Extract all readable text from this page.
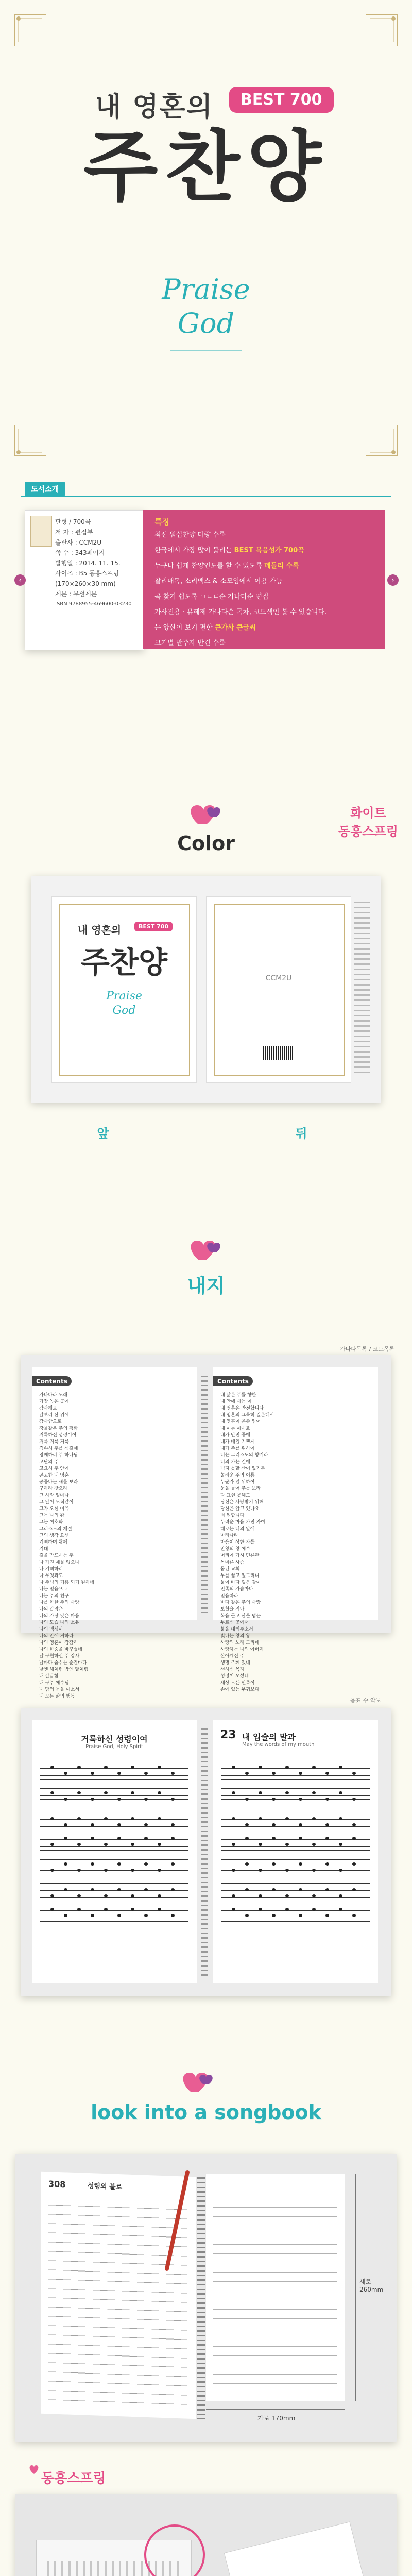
내 영혼의	BEST 700
주찬양
Praise
God
도서소개
판형 / 700곡
저 자 : 편집부
출판사 : CCM2U
쪽 수 : 343페이지
발행일 : 2014. 11. 15.
사이즈 : B5 동흥스프링
(170×260×30 mm)
제본 : 무선제본
ISBN 9788955-469600-03230
특징
최신 워십찬양 다량 수록
한국에서 가장 많이 불리는 BEST 복음성가 700곡
누구나 쉽게 찬양인도를 할 수 있도록 메들리 수록
찰리매독, 소리맥스 & 소모임에서 이용 가능
곡 찾기 쉽도록 ㄱㄴㄷ순 가나다순 편집
가사전용 · 뮤페제 가나다순 목차, 코드색인 볼 수 있습니다.
는 양산이 보기 편한 큰가사 큰글씨
크기별 반주자 반견 수록
‹	›
Color
화이트
동흥스프링
내 영혼의	BEST 700
주찬양
Praise
God
CCM2U
앞	뒤
내지
가나다목록 / 코드목록
Contents
가나다라 노래
가장 높은 곳에
감사해요
갈보리 산 위에
감사함으로
강물같은 주의 평화
거룩하신 성령이여
거룩 거룩 거룩
겸손히 주를 섬길때
경배하리 주 하나님
고난의 주
고요히 주 안에
곤고한 내 영혼
공중나는 새를 보라
구하라 찾으라
그 사랑 얼마나
그 날이 도적같이
그가 오신 이유
그는 나의 왕
그는 여호와
그리스도의 계절
그의 생각 요셉
기뻐하며 왕께
기대
길을 만드시는 주
나 가진 재물 없으나
나 기뻐하리
나 무엇과도
나 주님의 기쁨 되기 원하네
나는 믿음으로
나는 주의 친구
나를 향한 주의 사랑
나의 갈망은
나의 가장 낮은 마음
나의 모습 나의 소유
나의 백성이
나의 안에 거하라
나의 영혼이 잠잠히
나의 한숨을 바꾸셨네
날 구원하신 주 감사
날마다 숨쉬는 순간마다
낮엔 해처럼 밤엔 달처럼
내 갈급함
내 구주 예수님
내 맘의 눈을 여소서
내 모든 삶의 행동
Contents
내 삶은 주를 향한
내 안에 사는 이
내 영혼은 안전합니다
내 영혼의 그윽히 깊은데서
내 영혼이 은총 입어
내 이름 아시죠
내가 만민 중에
내가 매일 기쁘게
내가 주를 위하여
너는 그리스도의 향기라
너의 가는 길에
넘지 못할 산이 있거든
놀라운 주의 이름
누군가 널 위하여
눈을 들어 주를 보라
다 표현 못해도
당신은 사랑받기 위해
당신은 알고 있나요
더 원합니다
두려운 마음 가진 자여
때로는 너의 앞에
마라나타
마음이 상한 자를
만왕의 왕 예수
머리에 가시 면류관
목마른 사슴
몸된 교회
무릎 꿇고 엎드리니
물이 바다 덮음 같이
민족의 가슴마다
믿음따라
바다 같은 주의 사랑
보혈을 지나
복음 들고 산을 넘는
부르신 곳에서
불을 내려주소서
빛나는 왕의 왕
사랑의 노래 드리네
사랑하는 나의 아버지
살아계신 주
생명 주께 있네
선하신 목자
성령이 오셨네
세상 모든 민족이
손에 있는 부귀보다
음표 수 악보
거룩하신 성령이여
Praise God, Holy Spirit
23 내 입술의 말과
May the words of my mouth
look into a songbook
308	성령의 불로
세로 260mm
가로 170mm
동흥스프링
